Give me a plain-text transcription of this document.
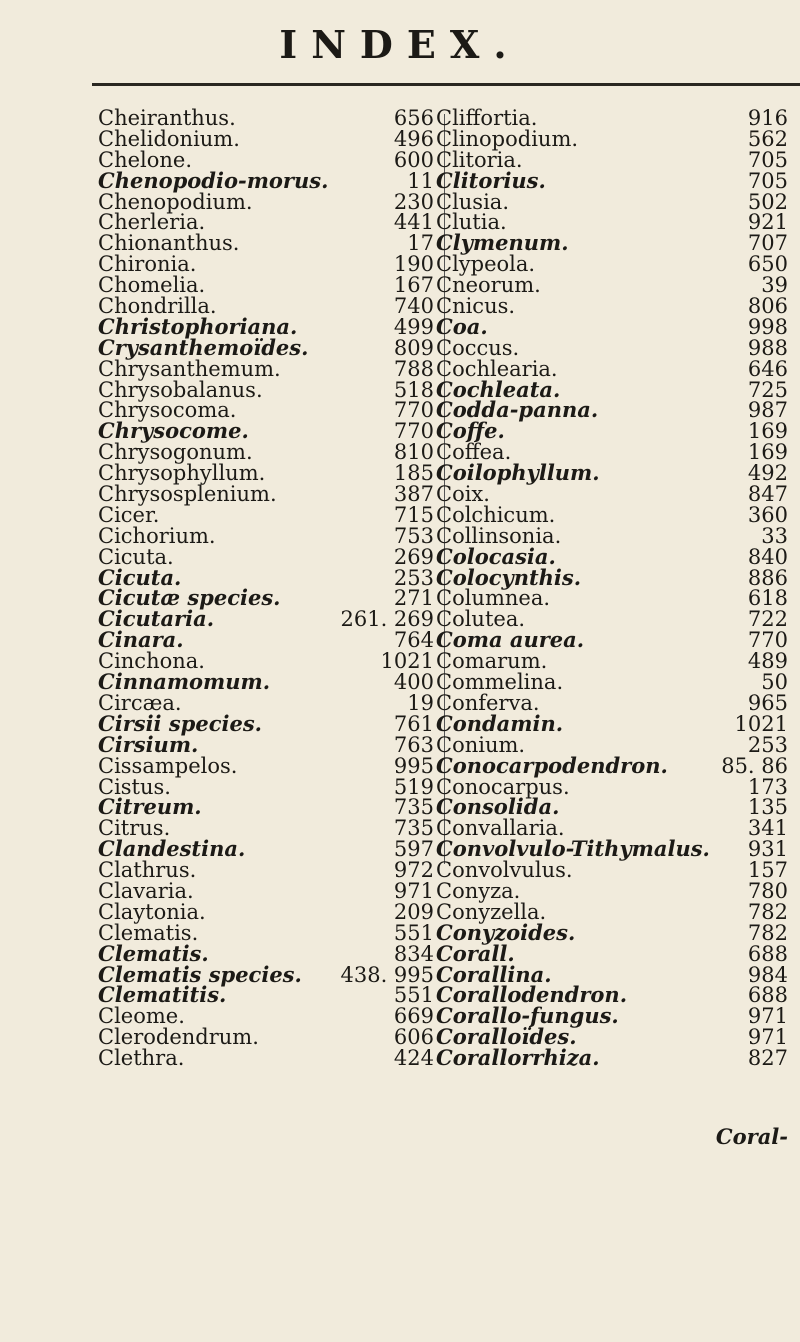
INDEX.
Cheiranthus.	656
Chelidonium.	496
Chelone.	600
Chenopodio-morus.	11
Chenopodium.	230
Cherleria.	441
Chionanthus.	17
Chironia.	190
Chomelia.	167
Chondrilla.	740
Christophoriana.	499
Crysanthemoïdes.	809
Chrysanthemum.	788
Chrysobalanus.	518
Chrysocoma.	770
Chrysocome.	770
Chrysogonum.	810
Chrysophyllum.	185
Chrysosplenium.	387
Cicer.	715
Cichorium.	753
Cicuta.	269
Cicuta.	253
Cicutæ species.	271
Cicutaria.	261. 269
Cinara.	764
Cinchona.	1021
Cinnamomum.	400
Circæa.	19
Cirsii species.	761
Cirsium.	763
Cissampelos.	995
Cistus.	519
Citreum.	735
Citrus.	735
Clandestina.	597
Clathrus.	972
Clavaria.	971
Claytonia.	209
Clematis.	551
Clematis.	834
Clematis species. 438. 995
Clematitis.	551
Cleome.	669
Clerodendrum.	606
Clethra.	424
Cliffortia.	916
Clinopodium.	562
Clitoria.	705
Clitorius.	705
Clusia.	502
Clutia.	921
Clymenum.	707
Clypeola.	650
Cneorum.	39
Cnicus.	806
Coa.	998
Coccus.	988
Cochlearia.	646
Cochleata.	725
Codda-panna.	987
Coffe.	169
Coffea.	169
Coilophyllum.	492
Coix.	847
Colchicum.	360
Collinsonia.	33
Colocasia.	840
Colocynthis.	886
Columnea.	618
Colutea.	722
Coma aurea.	770
Comarum.	489
Commelina.	50
Conferva.	965
Condamin.	1021
Conium.	253
Conocarpodendron.	85. 86
Conocarpus.	173
Consolida.	135
Convallaria.	341
Convolvulo-Tithymalus. 931
Convolvulus.	157
Conyza.	780
Conyzella.	782
Conyzoides.	782
Corall.	688
Corallina.	984
Corallodendron.	688
Corallo-fungus.	971
Coralloïdes.	971
Corallorrhiza.	827
Coral-
